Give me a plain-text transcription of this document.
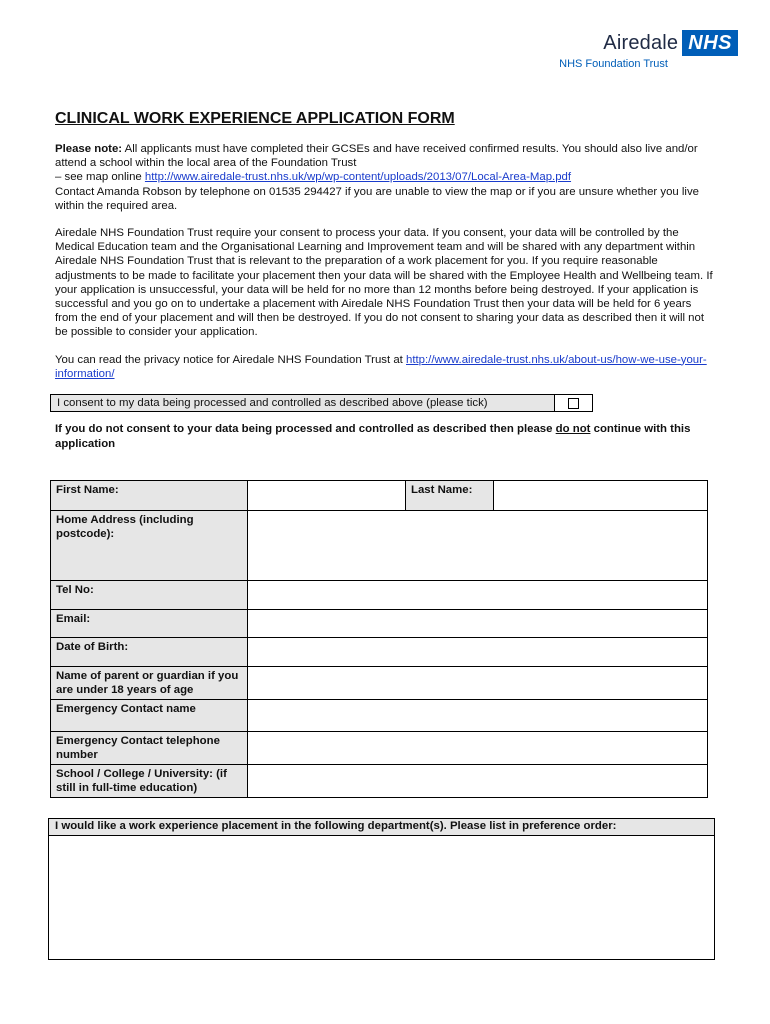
Airedale NHS
NHS Foundation Trust
CLINICAL WORK EXPERIENCE APPLICATION FORM

Please note: All applicants must have completed their GCSEs and have received confirmed results. You should also live and/or attend a school within the local area of the Foundation Trust
– see map online http://www.airedale-trust.nhs.uk/wp/wp-content/uploads/2013/07/Local-Area-Map.pdf
Contact Amanda Robson by telephone on 01535 294427 if you are unable to view the map or if you are unsure whether you live within the required area.

Airedale NHS Foundation Trust require your consent to process your data. If you consent, your data will be controlled by the Medical Education team and the Organisational Learning and Improvement team and will be shared with any department within Airedale NHS Foundation Trust that is relevant to the preparation of a work placement for you. If you require reasonable adjustments to be made to facilitate your placement then your data will be shared with the Employee Health and Wellbeing team. If your application is unsuccessful, your data will be held for no more than 12 months before being destroyed. If your application is successful and you go on to undertake a placement with Airedale NHS Foundation Trust then your data will be held for 6 years from the end of your placement and will then be destroyed. If you do not consent to sharing your data as described then it will not be possible to consider your application.

You can read the privacy notice for Airedale NHS Foundation Trust at http://www.airedale-trust.nhs.uk/about-us/how-we-use-your-information/

I consent to my data being processed and controlled as described above (please tick)
If you do not consent to your data being processed and controlled as described then please do not continue with this application
First Name:		Last Name:	
Home Address (including postcode):			
Tel No:			
Email:			
Date of Birth:			
Name of parent or guardian if you are under 18 years of age			
Emergency Contact name			
Emergency Contact telephone number			
School / College / University: (if still in full-time education)			
I would like a work experience placement in the following department(s). Please list in preference order:
